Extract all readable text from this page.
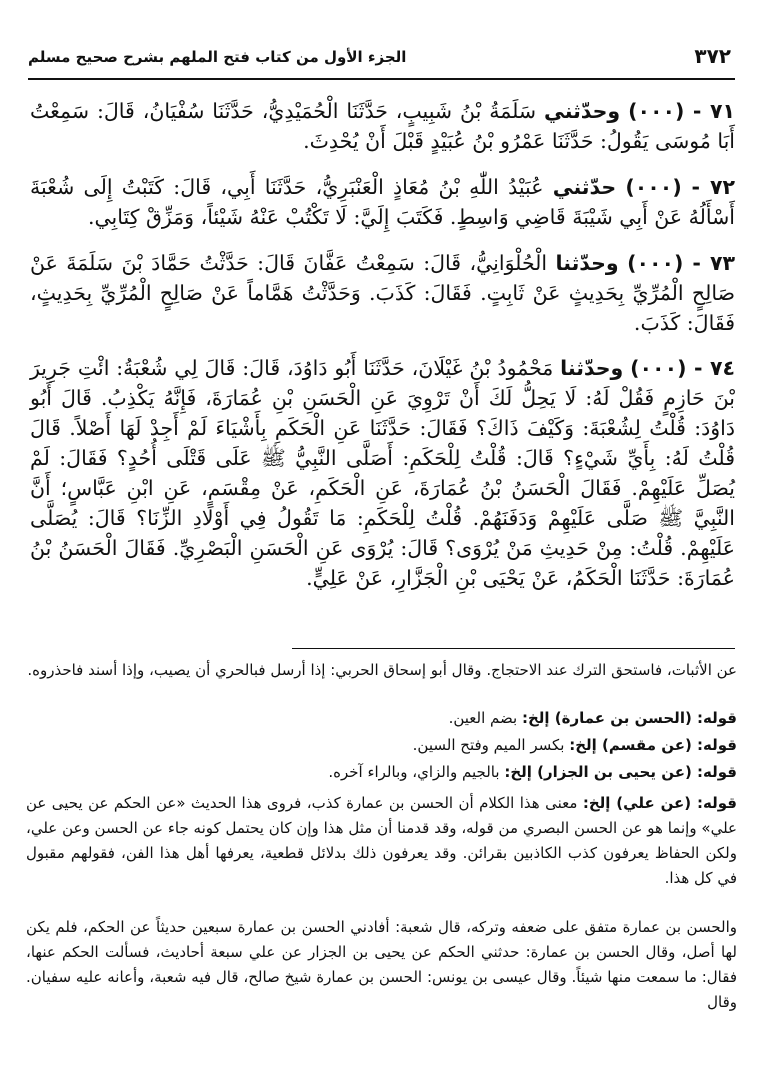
٣٧٢
الجزء الأول من كتاب فتح الملهم بشرح صحيح مسلم
٧١ - (٠٠٠) وحدّثني سَلَمَةُ بْنُ شَبِيبٍ، حَدَّثَنَا الْحُمَيْدِيُّ، حَدَّثَنَا سُفْيَانُ، قَالَ: سَمِعْتُ أَبَا مُوسَى يَقُولُ: حَدَّثَنَا عَمْرُو بْنُ عُبَيْدٍ قَبْلَ أَنْ يُحْدِثَ.
٧٢ - (٠٠٠) حدّثني عُبَيْدُ اللّٰهِ بْنُ مُعَاذٍ الْعَنْبَرِيُّ، حَدَّثَنَا أَبِي، قَالَ: كَتَبْتُ إِلَى شُعْبَةَ أَسْأَلُهُ عَنْ أَبِي شَيْبَةَ قَاضِي وَاسِطٍ. فَكَتَبَ إِلَيَّ: لَا تَكْتُبْ عَنْهُ شَيْئاً، وَمَزِّقْ كِتَابِي.
٧٣ - (٠٠٠) وحدّثنا الْحُلْوَانِيُّ، قَالَ: سَمِعْتُ عَفَّانَ قَالَ: حَدَّثْتُ حَمَّادَ بْنَ سَلَمَةَ عَنْ صَالِحٍ الْمُرِّيِّ بِحَدِيثٍ عَنْ ثَابِتٍ. فَقَالَ: كَذَبَ. وَحَدَّثْتُ هَمَّاماً عَنْ صَالِحٍ الْمُرِّيِّ بِحَدِيثٍ، فَقَالَ: كَذَبَ.
٧٤ - (٠٠٠) وحدّثنا مَحْمُودُ بْنُ غَيْلَانَ، حَدَّثَنَا أَبُو دَاوُدَ، قَالَ: قَالَ لِي شُعْبَةُ: ائْتِ جَرِيرَ بْنَ حَازِمٍ فَقُلْ لَهُ: لَا يَحِلُّ لَكَ أَنْ تَرْوِيَ عَنِ الْحَسَنِ بْنِ عُمَارَةَ، فَإِنَّهُ يَكْذِبُ. قَالَ أَبُو دَاوُدَ: قُلْتُ لِشُعْبَةَ: وَكَيْفَ ذَاكَ؟ فَقَالَ: حَدَّثَنَا عَنِ الْحَكَمِ بِأَشْيَاءَ لَمْ أَجِدْ لَهَا أَصْلاً. قَالَ قُلْتُ لَهُ: بِأَيِّ شَيْءٍ؟ قَالَ: قُلْتُ لِلْحَكَمِ: أَصَلَّى النَّبِيُّ ﷺ عَلَى قَتْلَى أُحُدٍ؟ فَقَالَ: لَمْ يُصَلِّ عَلَيْهِمْ. فَقَالَ الْحَسَنُ بْنُ عُمَارَةَ، عَنِ الْحَكَمِ، عَنْ مِقْسَمٍ، عَنِ ابْنِ عَبَّاسٍ؛ أَنَّ النَّبِيَّ ﷺ صَلَّى عَلَيْهِمْ وَدَفَنَهُمْ. قُلْتُ لِلْحَكَمِ: مَا تَقُولُ فِي أَوْلَادِ الزِّنَا؟ قَالَ: يُصَلَّى عَلَيْهِمْ. قُلْتُ: مِنْ حَدِيثِ مَنْ يُرْوَى؟ قَالَ: يُرْوَى عَنِ الْحَسَنِ الْبَصْرِيِّ. فَقَالَ الْحَسَنُ بْنُ عُمَارَةَ: حَدَّثَنَا الْحَكَمُ، عَنْ يَحْيَى بْنِ الْجَزَّارِ، عَنْ عَلِيٍّ.

عن الأثبات، فاستحق الترك عند الاحتجاج. وقال أبو إسحاق الحربي: إذا أرسل فبالحري أن يصيب، وإذا أسند فاحذروه.

قوله: (الحسن بن عمارة) إلخ: بضم العين.

قوله: (عن مقسم) إلخ: بكسر الميم وفتح السين.

قوله: (عن يحيى بن الجزار) إلخ: بالجيم والزاي، وبالراء آخره.

قوله: (عن علي) إلخ: معنى هذا الكلام أن الحسن بن عمارة كذب، فروى هذا الحديث «عن الحكم عن يحيى عن علي» وإنما هو عن الحسن البصري من قوله، وقد قدمنا أن مثل هذا وإن كان يحتمل كونه جاء عن الحسن وعن علي، ولكن الحفاظ يعرفون كذب الكاذبين بقرائن. وقد يعرفون ذلك بدلائل قطعية، يعرفها أهل هذا الفن، فقولهم مقبول في كل هذا.

والحسن بن عمارة متفق على ضعفه وتركه، قال شعبة: أفادني الحسن بن عمارة سبعين حديثاً عن الحكم، فلم يكن لها أصل، وقال الحسن بن عمارة: حدثني الحكم عن يحيى بن الجزار عن علي سبعة أحاديث، فسألت الحكم عنها، فقال: ما سمعت منها شيئاً. وقال عيسى بن يونس: الحسن بن عمارة شيخ صالح، قال فيه شعبة، وأعانه عليه سفيان. وقال
